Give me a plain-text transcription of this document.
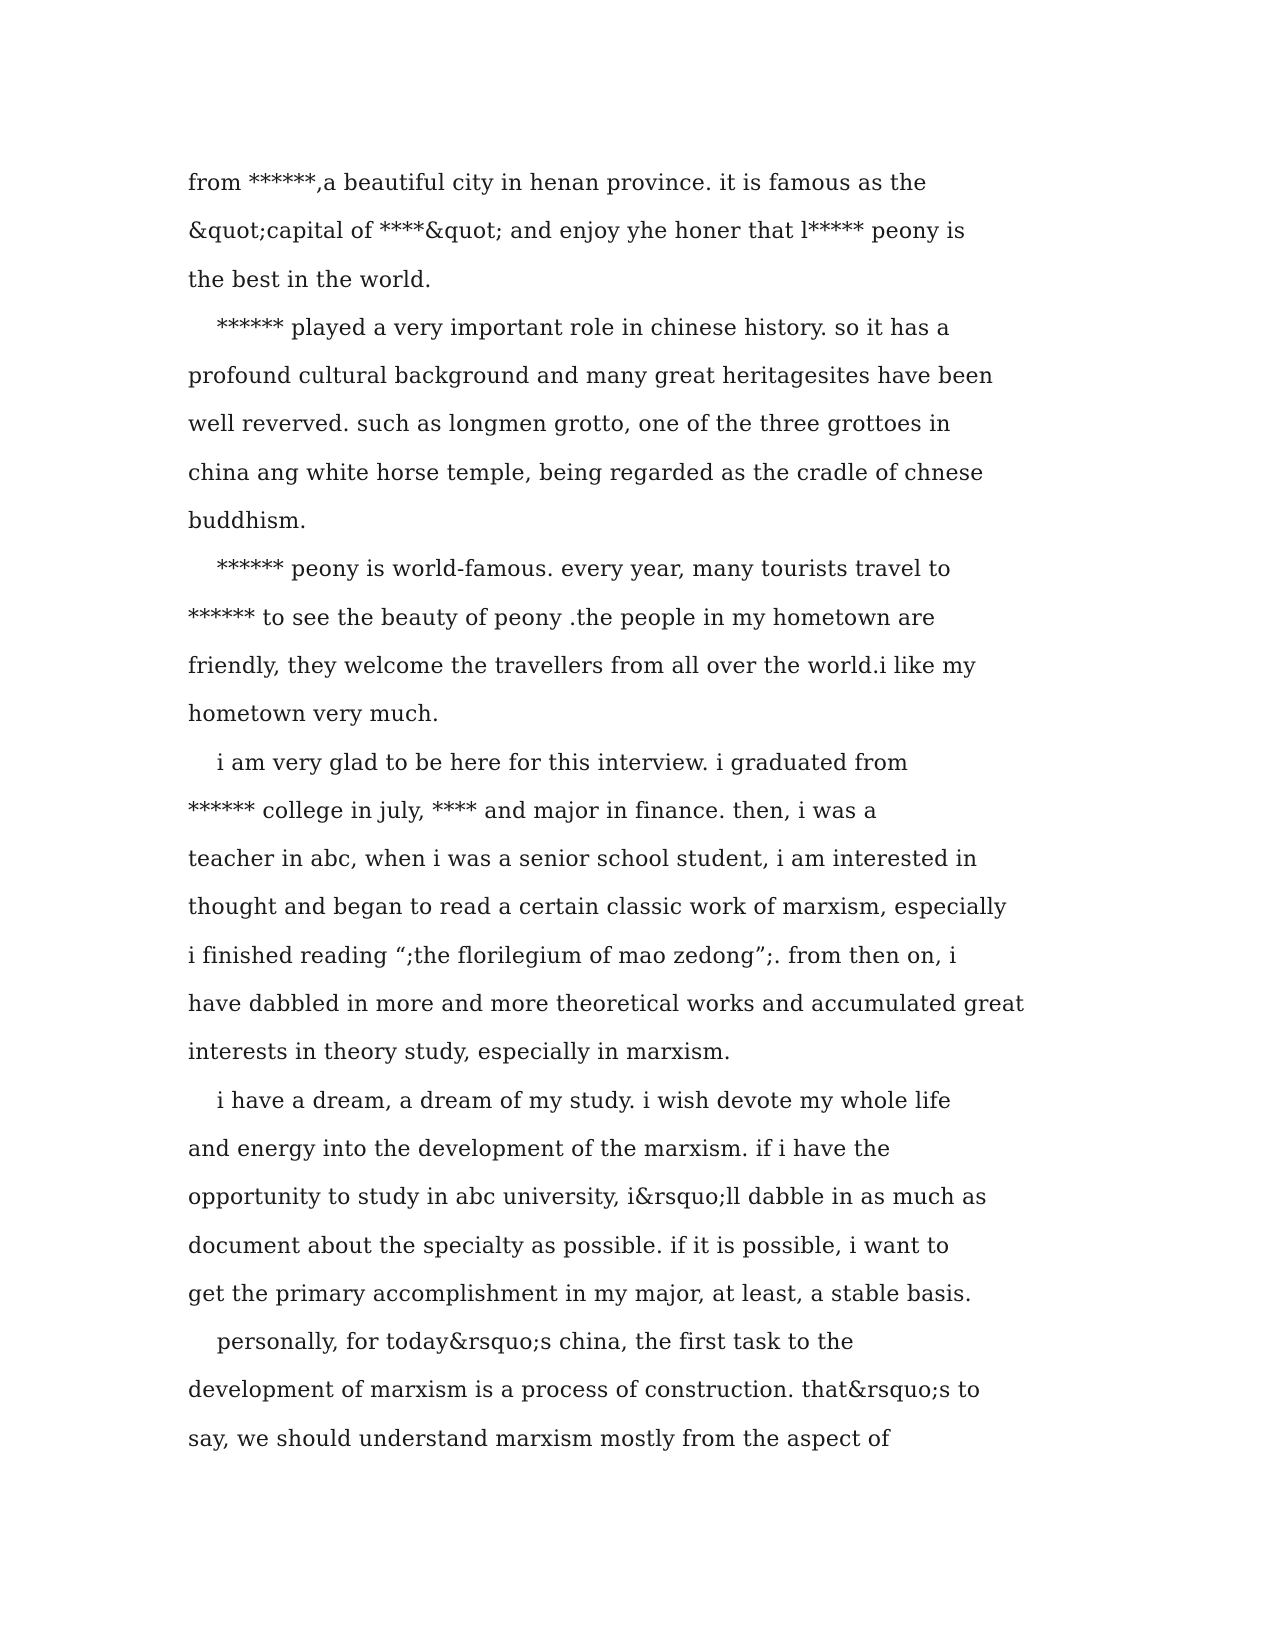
from ******,a beautiful city in henan province. it is famous as the
&quot;capital of ****&quot; and enjoy yhe honer that l***** peony is
the best in the world.
****** played a very important role in chinese history. so it has a
profound cultural background and many great heritagesites have been
well reverved. such as longmen grotto, one of the three grottoes in
china ang white horse temple, being regarded as the cradle of chnese
buddhism.
****** peony is world-famous. every year, many tourists travel to
****** to see the beauty of peony .the people in my hometown are
friendly, they welcome the travellers from all over the world.i like my
hometown very much.
i am very glad to be here for this interview. i graduated from
****** college in july, **** and major in finance. then, i was a
teacher in abc, when i was a senior school student, i am interested in
thought and began to read a certain classic work of marxism, especially
i finished reading “;the florilegium of mao zedong”;. from then on, i
have dabbled in more and more theoretical works and accumulated great
interests in theory study, especially in marxism.
i have a dream, a dream of my study. i wish devote my whole life
and energy into the development of the marxism. if i have the
opportunity to study in abc university, i&rsquo;ll dabble in as much as
document about the specialty as possible. if it is possible, i want to
get the primary accomplishment in my major, at least, a stable basis.
personally, for today&rsquo;s china, the first task to the
development of marxism is a process of construction. that&rsquo;s to
say, we should understand marxism mostly from the aspect of
